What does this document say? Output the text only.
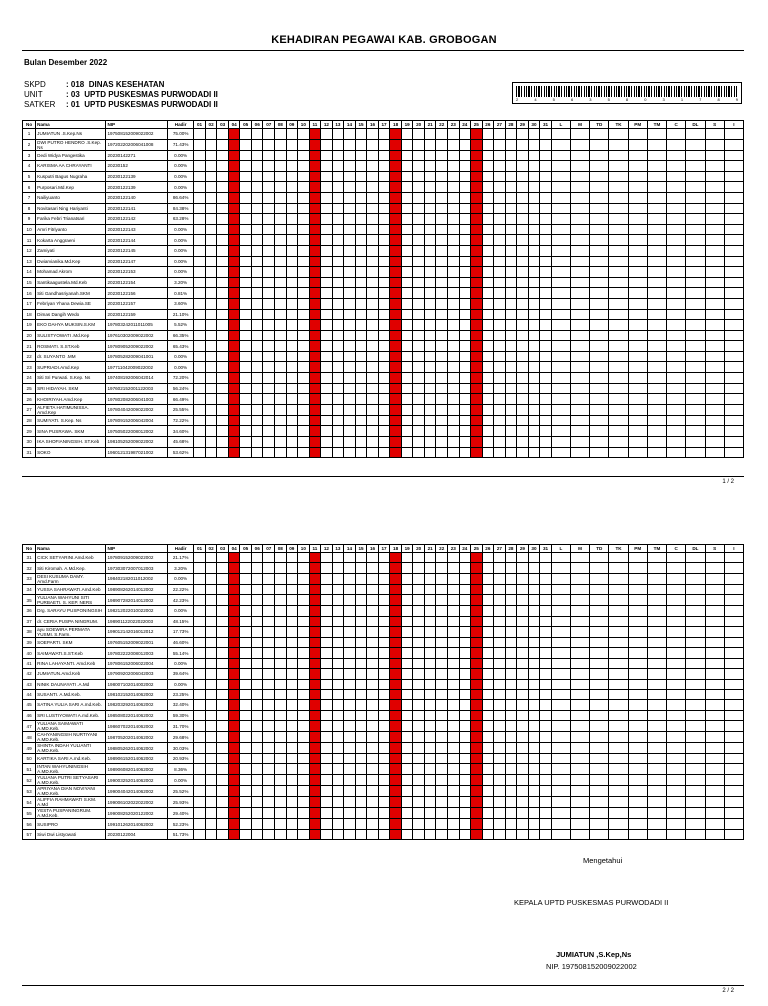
KEHADIRAN PEGAWAI KAB. GROBOGAN
Bulan Desember 2022
SKPD	: 018 DINAS KESEHATAN
UNIT	: 03 UPTD PUSKESMAS PURWODADI II
SATKER : 01 UPTD PUSKESMAS PURWODADI II
2	4	5	6	3	5	8	0	3	1	7	8	9
No	Nama	NIP	Hadir	01	02	03	04	05	06	07	08	09	10	11	12	13	14	15	16	17	18	19	20	21	22	23	24	25	26	27	28	29	30	31	L	M	TD	TK	PM	TM	C	DL	S	I
1	JUMIATUN .S.Kep.Ns	197508152009022002	75.00%																																									
2	DWI PUTRO HENDRO .S.Kep. Ns	197202202006041008	71.43%																																									
3	Dedi Widya Pangestika	20230142271	0.00%																																									
4	KARISMA AA CHRAYANTI	20230152	0.00%																																									
5	Kusputri Bagus Nugraha	20230122139	0.00%																																									
6	Purposari.Md.Kep	20230122139	0.00%																																									
7	Nailiyuanto	20230122140	86.64%																																									
8	Novitasari Ning Hariyanti	20230122141	84.38%																																									
9	Farika Febri Trianatsari	20230122142	63.28%																																									
10	Amri Fitriyanto	20230122143	0.00%																																									
11	Kokarta Anggraeni	20230122144	0.00%																																									
12	Zamiyati	20230122145	0.00%																																									
13	Dwiarvianika.Md.Kep	20230122147	0.00%																																									
14	Mohamad Akrom	20230122153	0.00%																																									
15	Santikaagustela.Md.Keb	20230122154	3.20%																																									
16	Siti Gandhasriyanah.SKM	20230122156	0.81%																																									
17	Febriyan Yhana Dewia.SE	20230122157	3.60%																																									
18	Dimas Dangih Wedo	20230122159	21.10%																																									
19	EKO DAHYA MUKSIN.S.KM	197803242011011005	5.52%																																									
20	SULISTYOWATI .Md.Kep	197610302009022002	66.35%																																									
21	ROSMATI. S.ST.Keb	197809052009022002	65.43%																																									
22	dr. SUYANTO .MM	197805282009041001	0.00%																																									
23	SUPRIADI.Amd.Kep	197711042009022002	0.00%																																									
24	Siti Sri Purwati. S.Kep. Ns	197408192006042014	72.20%																																									
25	SRI HIDAYAH. SKM	197602152001122003	56.24%																																									
26	KHOIRIYAH.Amd.Kep	197802082006041003	66.49%																																									
27	ALFIETA HATIMUNISSA. Amd.Kep	197804042009022002	25.55%																																									
28	SUMIYATI. S.Kep. Ns	197809152006042004	72.22%																																									
29	SINA PUSRAWA. SKM	197505022008012002	34.60%																																									
30	IKA SHOFIANINGSIH. ST.Keb	198105252009022002	45.68%																																									
31	SOKO	196012131987021002	53.62%																																									
1 / 2
No	Nama	NIP	Hadir	01	02	03	04	05	06	07	08	09	10	11	12	13	14	15	16	17	18	19	20	21	22	23	24	25	26	27	28	29	30	31	L	M	TD	TK	PM	TM	C	DL	S	I
31	CICK SETYARINI.Amd.Keb	197809152009022002	21.17%																																									
32	Siti Kiromah. A.Md.Kep.	197303072007012003	3.20%																																									
33	DESI KUSUMA DAMY. Amd.Farm	198402182011012002	0.00%																																									
34	YUSSA SAHRAWATI.Amd.Keb	198908262014012002	22.22%																																									
35	YULIANA WAHYUNI SITI PURBAETI. S. KEP. NERS	198907282014012002	42.23%																																									
36	Drg. SARAYU PUSPONINGSIH	198212022010022002	0.00%																																									
37	dr. CERIA PUSPA NINGRUM.	198901122022022003	48.15%																																									
38	ayu SOEWIRA PERMATA YUSMI. S.Farm.	199012142016012012	17.73%																																									
39	SOEPARTI. SKM	197605152009022001	46.60%																																									
40	SAIMAWATI.S.ST.Keb	197802222008012003	55.14%																																									
41	RINA LAHAYANTI. Amd.Keb	197806152006022004	0.00%																																									
42	JUMIATUN.Amd.Keb	197909202006042003	39.64%																																									
43	NINIK DAUNAYATI .A.Md	198007102014002002	0.00%																																									
44	SUSANTI. A.Md.Keb.	198102152014062002	23.25%																																									
45	SATINA YULIA SARI A.md.Keb.	198203292014062002	32.40%																																									
46	SRI LUSTIYOWATI A.md.Keb.	198508022014062002	59.30%																																									
47	YULIANA SAIMAWATI A.MD.Keb.	198607022014062002	31.70%																																									
48	CAHYANINGSIH NURTIYANI A.MD.Keb.	198705202014062002	29.68%																																									
49	SHINTA INDAH YULIANTI A.MD.Keb.	198805262014062002	30.03%																																									
50	KARTIKA SARI A.md.Keb.	198906152014062002	20.93%																																									
51	INTAN WAHYUNINGSIH A.MD.Keb.	198906082014062002	8.36%																																									
52	YULIANA PUTRI SETYASARI A.MD.Keb.	199003252014062002	0.00%																																									
53	APRIYANA DIAN NOVIYANI A.MD.Keb.	199004042014062002	25.52%																																									
54	ALIFFIA RAHMAWATI S.KM. A.Md	199006102022022002	25.93%																																									
55	YESTA PUSPANINGRUM. A.Md.Keb.	199008252020122002	29.40%																																									
56	SUSIPRO	199101262014062002	52.23%																																									
57	Siwi Dwi Listyowati	20230122004	51.73%																																									
Mengetahui
KEPALA UPTD PUSKESMAS PURWODADI II
JUMIATUN ,S.Kep,Ns
NIP. 197508152009022002
2 / 2
